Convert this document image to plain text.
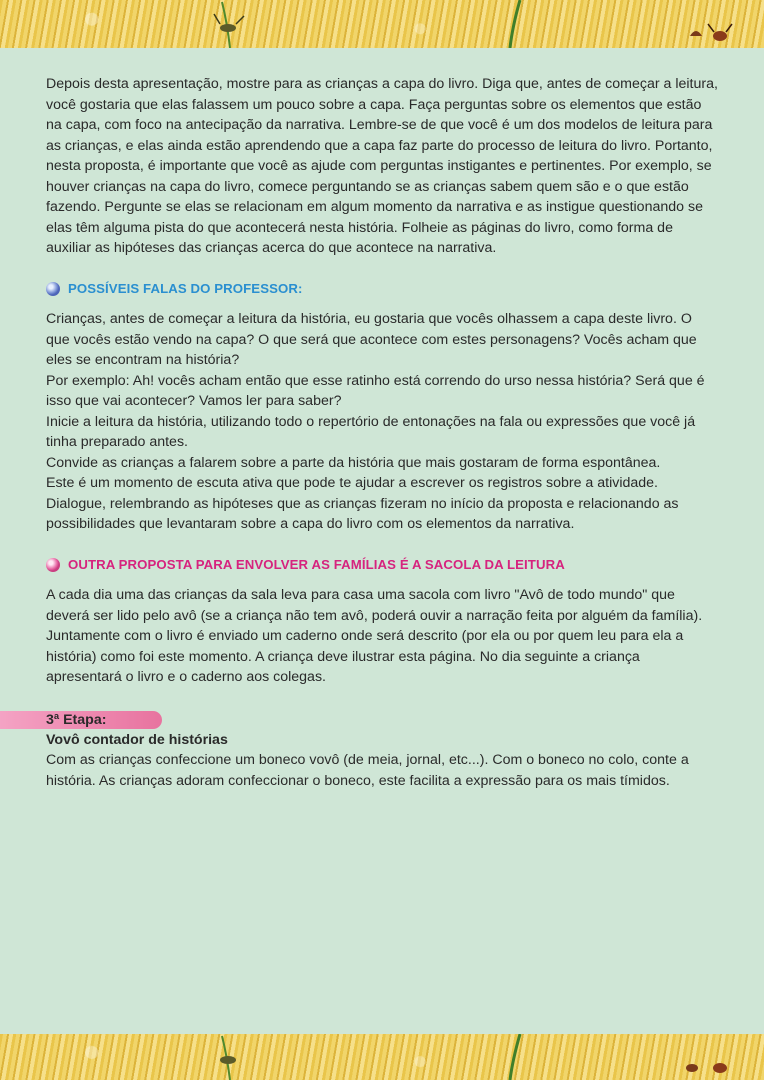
Depois desta apresentação, mostre para as crianças a capa do livro. Diga que, antes de começar a leitura, você gostaria que elas falassem um pouco sobre a capa. Faça perguntas sobre os elementos que estão na capa, com foco na antecipação da narrativa. Lembre-se de que você é um dos modelos de leitura para as crianças, e elas ainda estão aprendendo que a capa faz parte do processo de leitura do livro. Portanto, nesta proposta, é importante que você as ajude com perguntas instigantes e pertinentes. Por exemplo, se houver crianças na capa do livro, comece perguntando se as crianças sabem quem são e o que estão fazendo. Pergunte se elas se relacionam em algum momento da narrativa e as instigue questionando se elas têm alguma pista do que acontecerá nesta história. Folheie as páginas do livro, como forma de auxiliar as hipóteses das crianças acerca do que acontece na narrativa.

POSSÍVEIS FALAS DO PROFESSOR:

Crianças, antes de começar a leitura da história, eu gostaria que vocês olhassem a capa deste livro. O que vocês estão vendo na capa? O que será que acontece com estes personagens? Vocês acham que eles se encontram na história?

Por exemplo: Ah! vocês acham então que esse ratinho está correndo do urso nessa história? Será que é isso que vai acontecer? Vamos ler para saber?

Inicie a leitura da história, utilizando todo o repertório de entonações na fala ou expressões que você já tinha preparado antes.

Convide as crianças a falarem sobre a parte da história que mais gostaram de forma espontânea.

Este é um momento de escuta ativa que pode te ajudar a escrever os registros sobre a atividade.

Dialogue, relembrando as hipóteses que as crianças fizeram no início da proposta e relacionando as possibilidades que levantaram sobre a capa do livro com os elementos da narrativa.

OUTRA PROPOSTA PARA ENVOLVER AS FAMÍLIAS É A SACOLA DA LEITURA

A cada dia uma das crianças da sala leva para casa uma sacola com livro "Avô de todo mundo" que deverá ser lido pelo avô (se a criança não tem avô, poderá ouvir a narração feita por alguém da família). Juntamente com o livro é enviado um caderno onde será descrito (por ela ou por quem leu para ela a história) como foi este momento. A criança deve ilustrar esta página. No dia seguinte a criança apresentará o livro e o caderno aos colegas.

3ª Etapa:

Vovô contador de histórias

Com as crianças confeccione um boneco vovô (de meia, jornal, etc...). Com o boneco no colo, conte a história. As crianças adoram confeccionar o boneco, este facilita a expressão para os mais tímidos.
